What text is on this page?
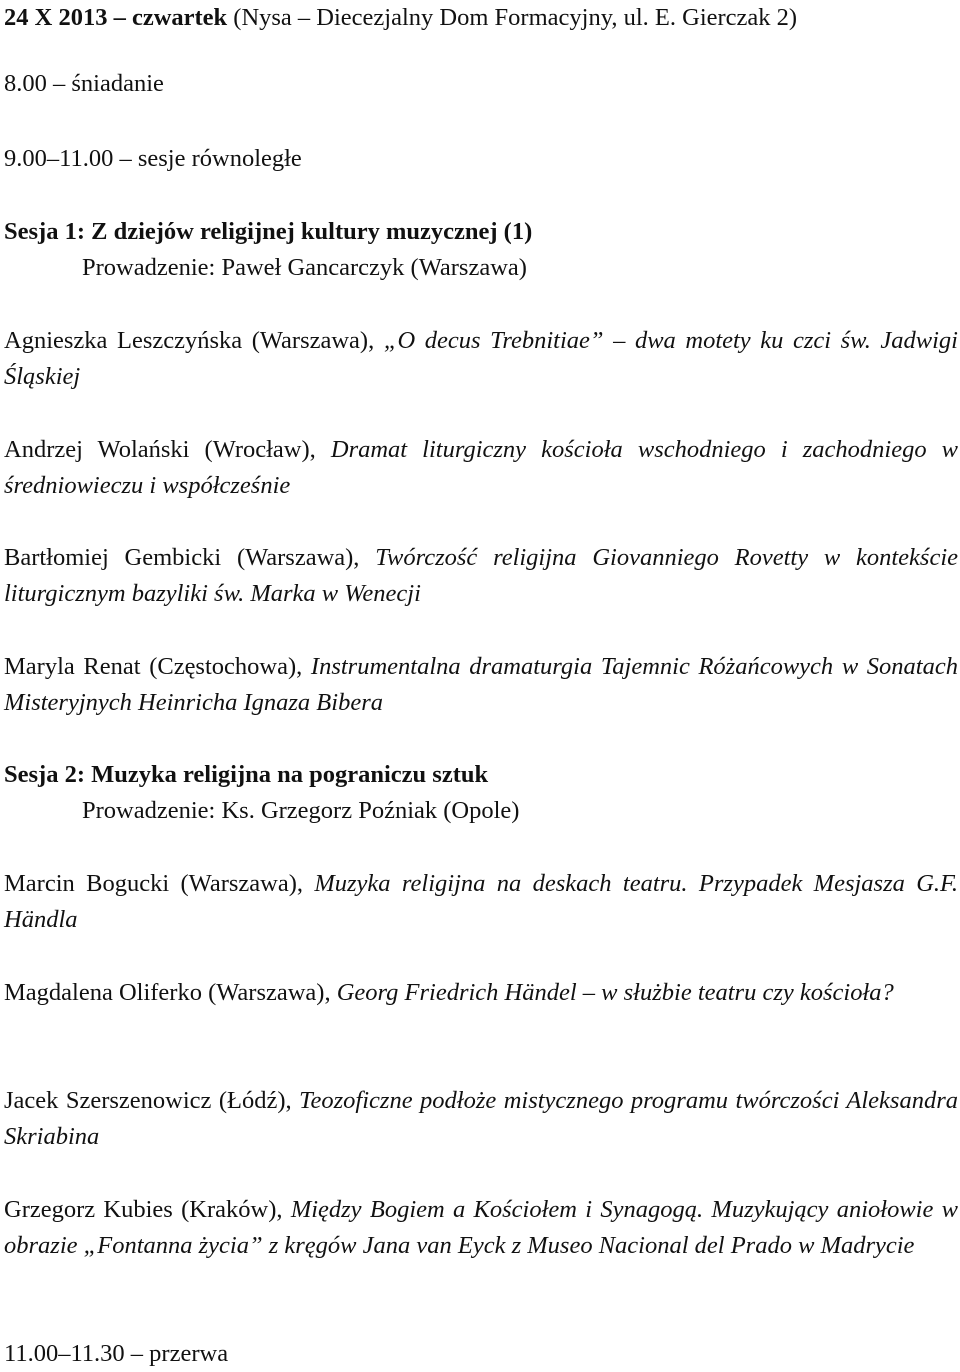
24 X 2013 – czwartek (Nysa – Diecezjalny Dom Formacyjny, ul. E. Gierczak 2)
8.00 – śniadanie
9.00–11.00 – sesje równoległe
Sesja 1: Z dziejów religijnej kultury muzycznej (1)
Prowadzenie: Paweł Gancarczyk (Warszawa)
Agnieszka Leszczyńska (Warszawa), „O decus Trebnitiae” – dwa motety ku czci św. Jadwigi Śląskiej
Andrzej Wolański (Wrocław), Dramat liturgiczny kościoła wschodniego i zachodniego w średniowieczu i współcześnie
Bartłomiej Gembicki (Warszawa), Twórczość religijna Giovanniego Rovetty w kontekście liturgicznym bazyliki św. Marka w Wenecji
Maryla Renat (Częstochowa), Instrumentalna dramaturgia Tajemnic Różańcowych w Sonatach Misteryjnych Heinricha Ignaza Bibera
Sesja 2: Muzyka religijna na pograniczu sztuk
Prowadzenie: Ks. Grzegorz Poźniak (Opole)
Marcin Bogucki (Warszawa), Muzyka religijna na deskach teatru. Przypadek Mesjasza G.F. Händla
Magdalena Oliferko (Warszawa), Georg Friedrich Händel – w służbie teatru czy kościoła?
Jacek Szerszenowicz (Łódź), Teozoficzne podłoże mistycznego programu twórczości Aleksandra Skriabina
Grzegorz Kubies (Kraków), Między Bogiem a Kościołem i Synagogą. Muzykujący aniołowie w obrazie „Fontanna życia” z kręgów Jana van Eyck z Museo Nacional del Prado w Madrycie
11.00–11.30 – przerwa
